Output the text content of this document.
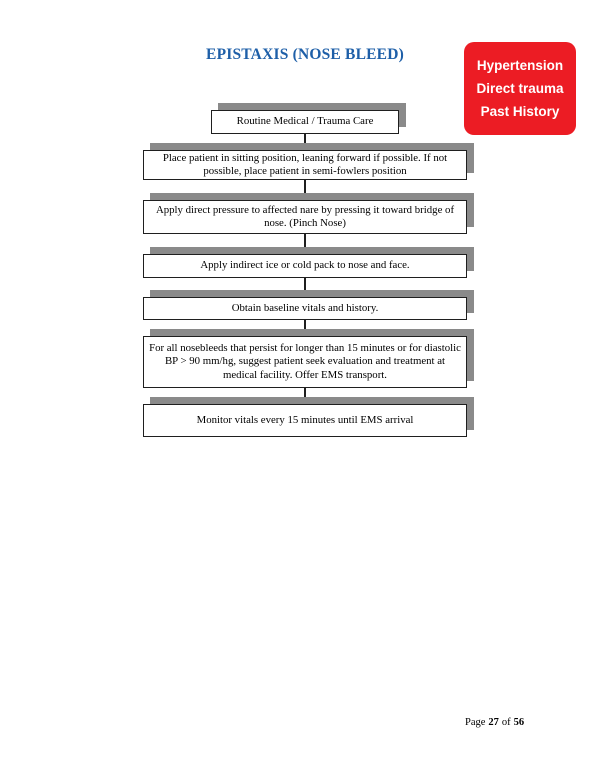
EPISTAXIS (NOSE BLEED)
Hypertension
Direct trauma
Past History
Routine Medical / Trauma Care
Place patient in sitting position, leaning forward if possible. If not possible, place patient in semi-fowlers position
Apply direct pressure to affected nare by pressing it toward bridge of nose. (Pinch Nose)
Apply indirect ice or cold pack to nose and face.
Obtain baseline vitals and history.
For all nosebleeds that persist for longer than 15 minutes or for diastolic BP > 90 mm/hg, suggest patient seek evaluation and treatment at medical facility. Offer EMS transport.
Monitor vitals every 15 minutes until EMS arrival
Page 27 of 56
